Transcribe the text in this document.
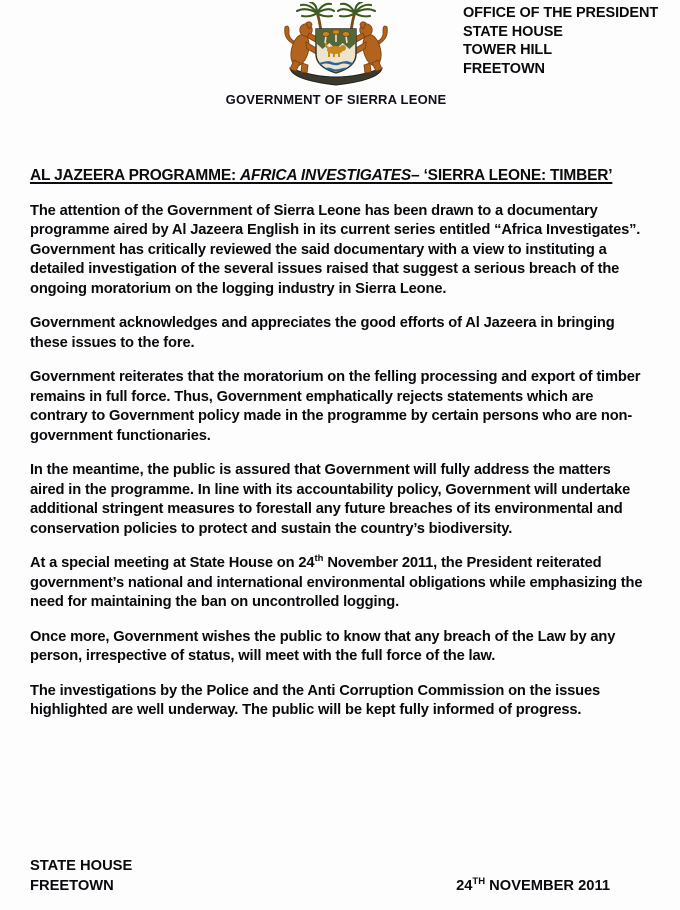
GOVERNMENT OF SIERRA LEONE
OFFICE OF THE PRESIDENT
STATE HOUSE
TOWER HILL
FREETOWN
AL JAZEERA PROGRAMME: AFRICA INVESTIGATES– ‘SIERRA LEONE: TIMBER’

The attention of the Government of Sierra Leone has been drawn to a documentary programme aired by Al Jazeera English in its current series entitled “Africa Investigates”. Government has critically reviewed the said documentary with a view to instituting a detailed investigation of the several issues raised that suggest a serious breach of the ongoing moratorium on the logging industry in Sierra Leone.

Government acknowledges and appreciates the good efforts of Al Jazeera in bringing these issues to the fore.

Government reiterates that the moratorium on the felling processing and export of timber remains in full force. Thus, Government emphatically rejects statements which are contrary to Government policy made in the programme by certain persons who are non-government functionaries.

In the meantime, the public is assured that Government will fully address the matters aired in the programme. In line with its accountability policy, Government will undertake additional stringent measures to forestall any future breaches of its environmental and conservation policies to protect and sustain the country’s biodiversity.

At a special meeting at State House on 24th November 2011, the President reiterated government’s national and international environmental obligations while emphasizing the need for maintaining the ban on uncontrolled logging.

Once more, Government wishes the public to know that any breach of the Law by any person, irrespective of status, will meet with the full force of the law.

The investigations by the Police and the Anti Corruption Commission on the issues highlighted are well underway. The public will be kept fully informed of progress.

STATE HOUSE
FREETOWN	24TH NOVEMBER 2011
